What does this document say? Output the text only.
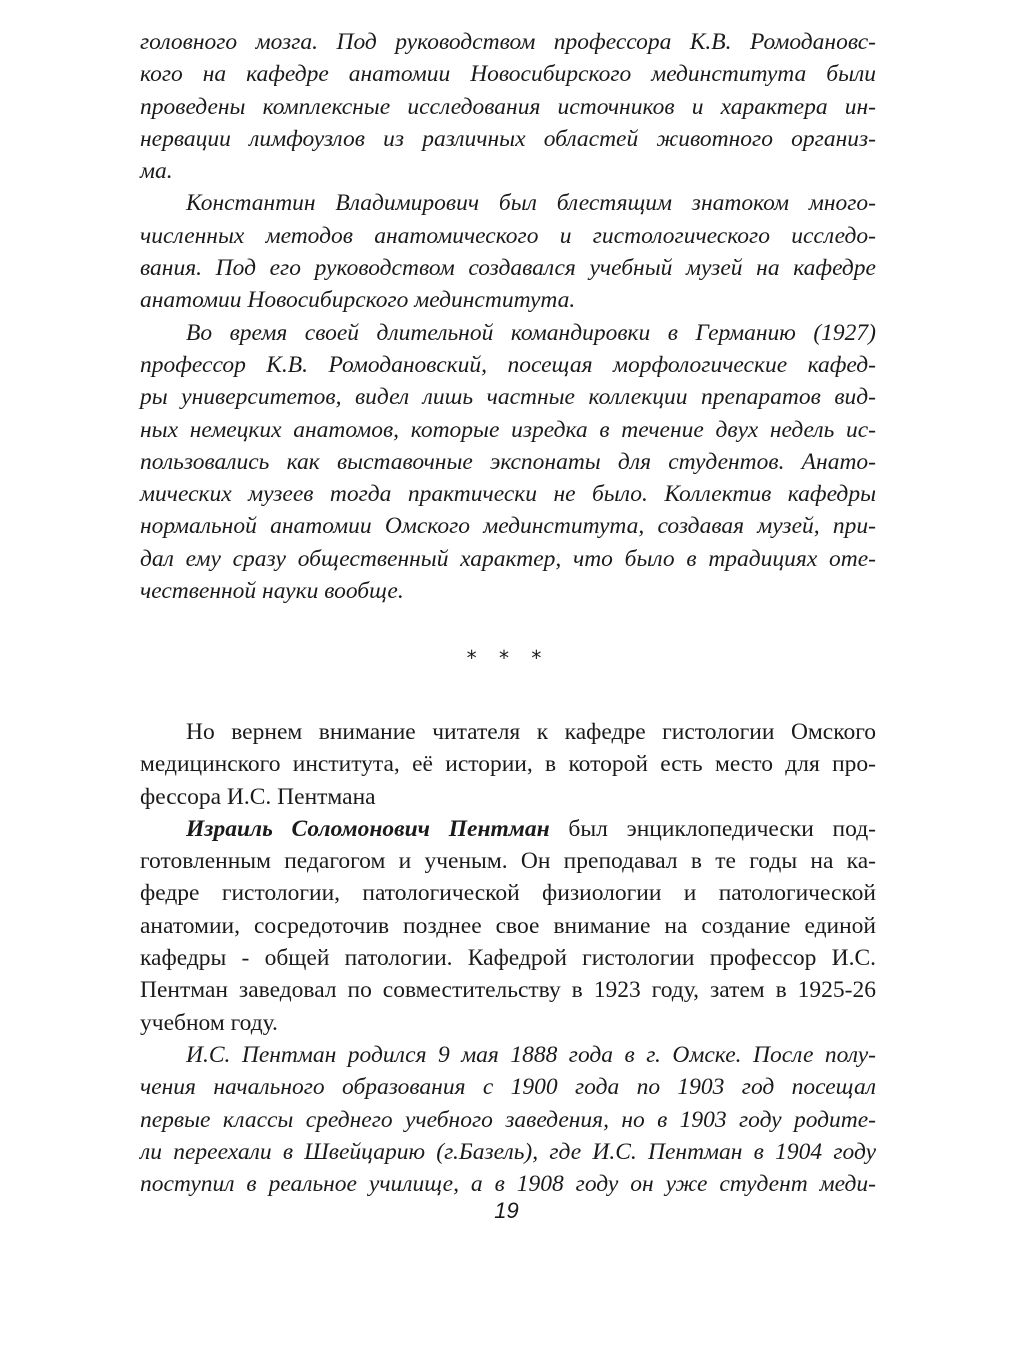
головного мозга. Под руководством профессора К.В. Ромодановс-
кого на кафедре анатомии Новосибирского мединститута были
проведены комплексные исследования источников и характера ин-
нервации лимфоузлов из различных областей животного организ-
ма.
Константин Владимирович был блестящим знатоком много-
численных методов анатомического и гистологического исследо-
вания. Под его руководством создавался учебный музей на кафедре
анатомии Новосибирского мединститута.
Во время своей длительной командировки в Германию (1927)
профессор К.В. Ромодановский, посещая морфологические кафед-
ры университетов, видел лишь частные коллекции препаратов вид-
ных немецких анатомов, которые изредка в течение двух недель ис-
пользовались как выставочные экспонаты для студентов. Анато-
мических музеев тогда практически не было. Коллектив кафедры
нормальной анатомии Омского мединститута, создавая музей, при-
дал ему сразу общественный характер, что было в традициях оте-
чественной науки вообще.
* * *
Но вернем внимание читателя к кафедре гистологии Омского
медицинского института, её истории, в которой есть место для про-
фессора И.С. Пентмана
Израиль Соломонович Пентман был энциклопедически под-
готовленным педагогом и ученым. Он преподавал в те годы на ка-
федре гистологии, патологической физиологии и патологической
анатомии, сосредоточив позднее свое внимание на создание единой
кафедры - общей патологии. Кафедрой гистологии профессор И.С.
Пентман заведовал по совместительству в 1923 году, затем в 1925-26
учебном году.
И.С. Пентман родился 9 мая 1888 года в г. Омске. После полу-
чения начального образования с 1900 года по 1903 год посещал
первые классы среднего учебного заведения, но в 1903 году родите-
ли переехали в Швейцарию (г.Базель), где И.С. Пентман в 1904 году
поступил в реальное училище, а в 1908 году он уже студент меди-
19
